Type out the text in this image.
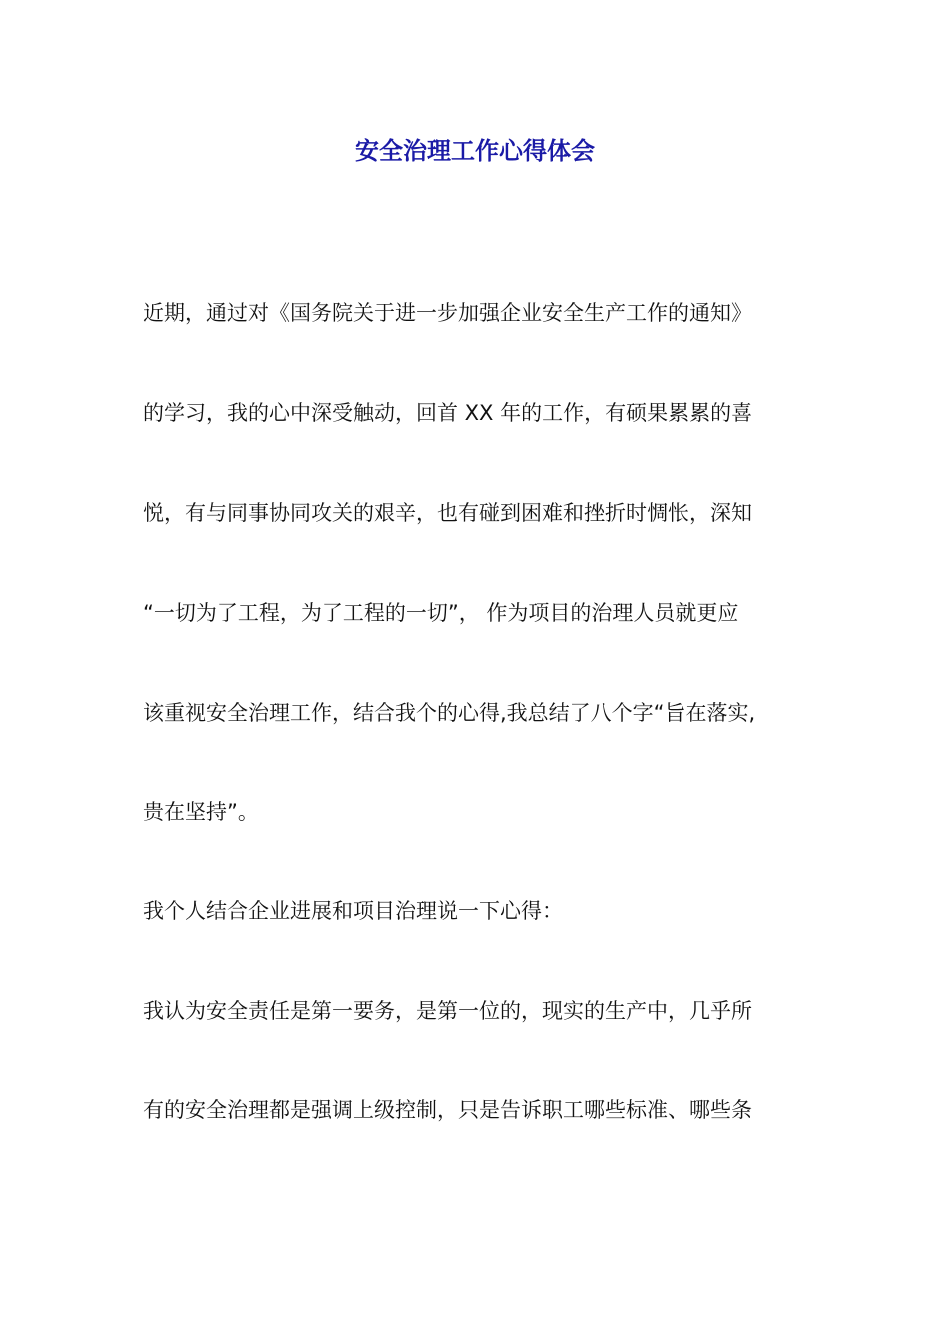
安全治理工作心得体会
近期，通过对《国务院关于进一步加强企业安全生产工作的通知》
的学习，我的心中深受触动，回首 XX 年的工作，有硕果累累的喜
悦，有与同事协同攻关的艰辛，也有碰到困难和挫折时惆怅，深知
“一切为了工程，为了工程的一切”， 作为项目的治理人员就更应
该重视安全治理工作，结合我个的心得,我总结了八个字“旨在落实,
贵在坚持”。
我个人结合企业进展和项目治理说一下心得：
我认为安全责任是第一要务，是第一位的，现实的生产中，几乎所
有的安全治理都是强调上级控制，只是告诉职工哪些标准、哪些条
